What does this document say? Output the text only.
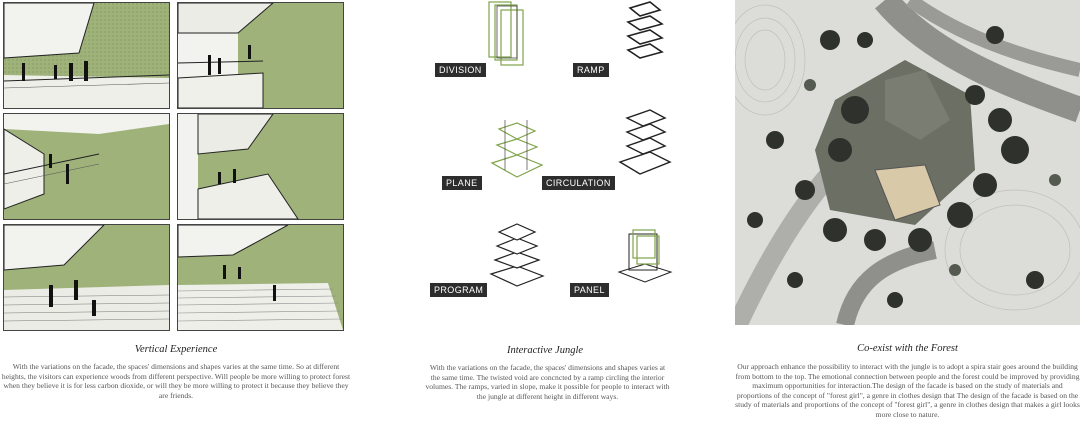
Vertical Experience
With the variations on the facade, the spaces' dimensions and shapes varies at the same time. So at different heights, the visitors can experience woods from different perspective. Will people be more willing to protect forest when they believe it is for less carbon dioxide, or will they be more willing to protect it because they believe they are friends.
DIVISION	RAMP
PLANE	CIRCULATION
PROGRAM	PANEL
Interactive Jungle
With the variations on the facade, the spaces' dimensions and shapes varies at the same time. The twisted void are concncted by a ramp circling the interior volumes. The ramps, varied in slope, make it possible for people to interact with the jungle at different height in different ways.
Co-exist with the Forest
Our approach enhance the possibility to interact with the jungle is to adopt a spira stair goes around the building from bottom to the top. The emotional connection between people and the forest could be improved by providing maximum opportunities for interaction.The design of the facade is based on the study of materials and proportions of the concept of "forest girl", a genre in clothes design that The design of the facade is based on the study of materials and proportions of the concept of "forest girl", a genre in clothes design that makes a girl looks more close to nature.
